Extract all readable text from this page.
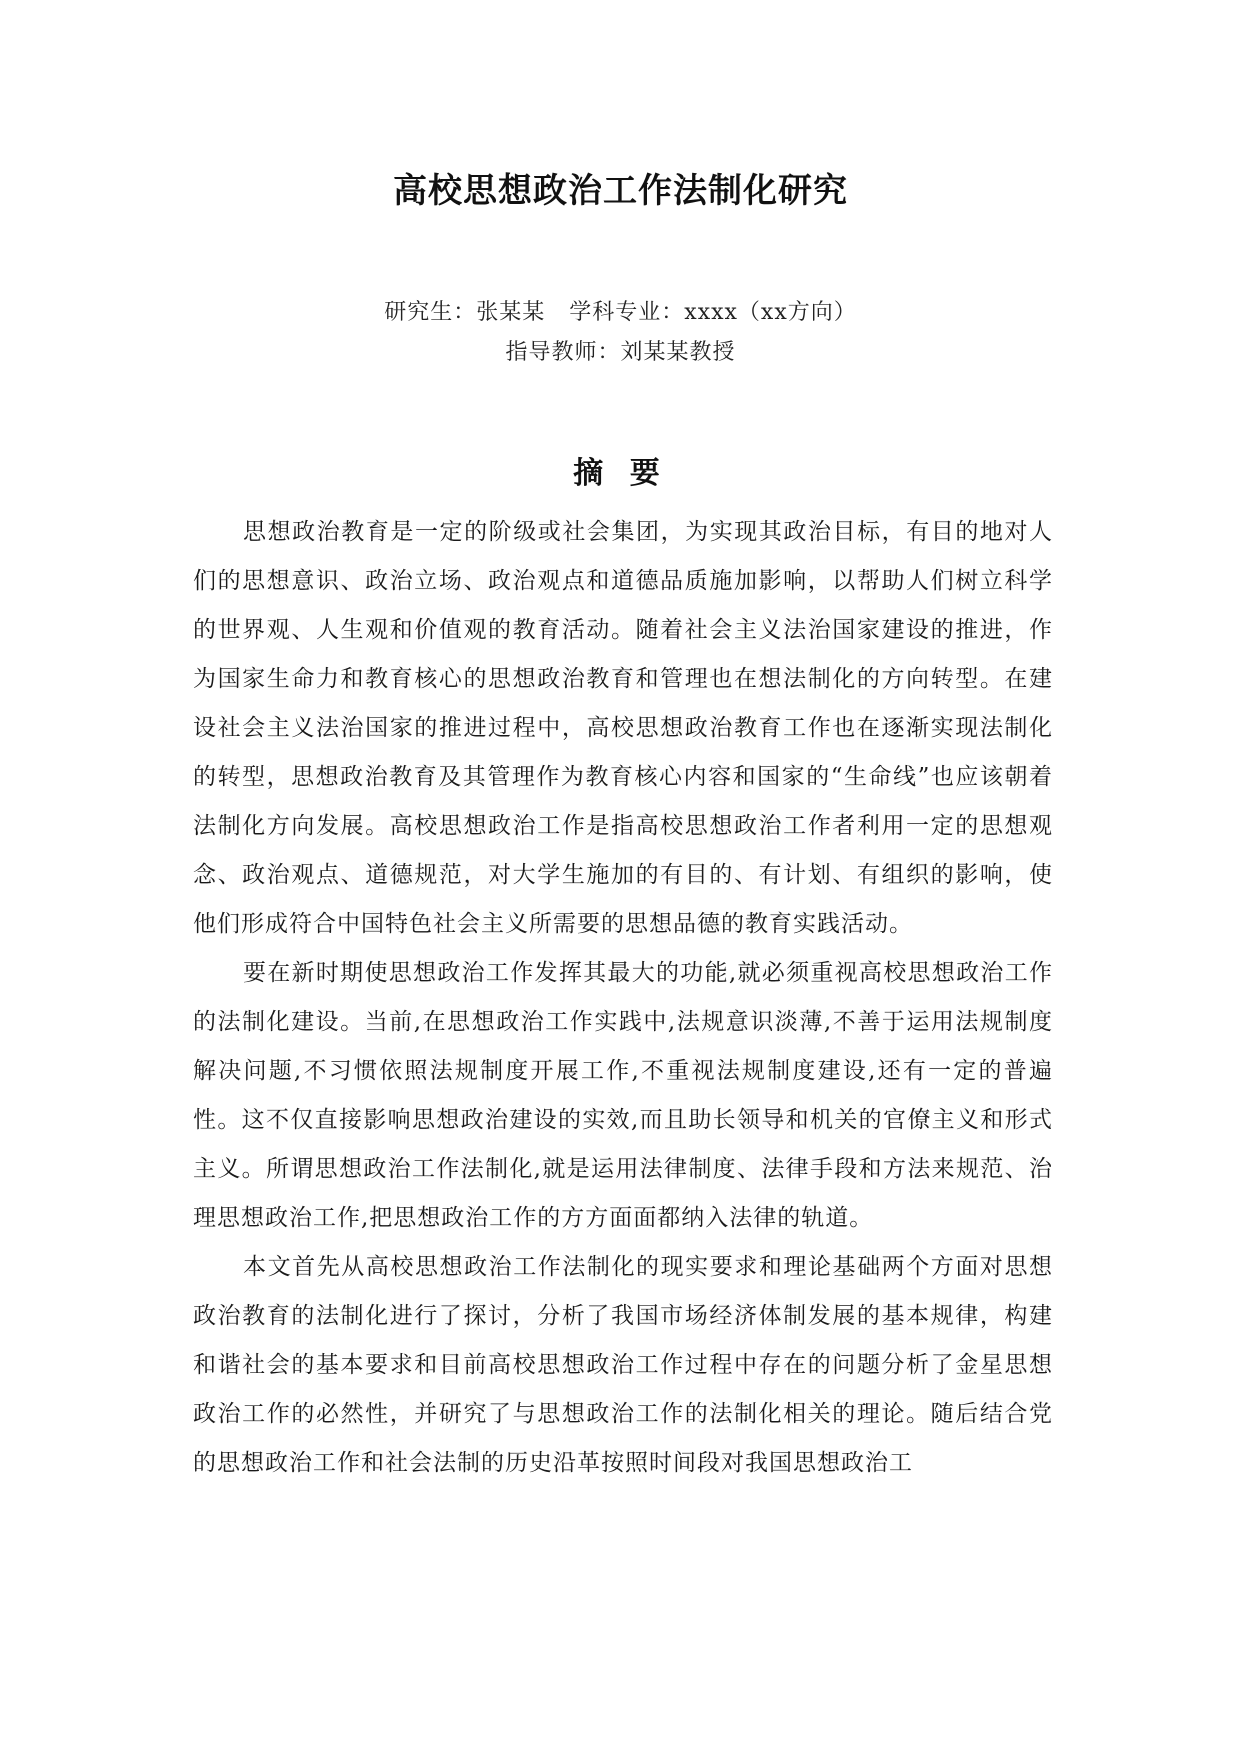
高校思想政治工作法制化研究
研究生：张某某 学科专业：xxxx（xx方向）
指导教师：刘某某教授
摘 要

思想政治教育是一定的阶级或社会集团，为实现其政治目标，有目的地对人们的思想意识、政治立场、政治观点和道德品质施加影响，以帮助人们树立科学的世界观、人生观和价值观的教育活动。随着社会主义法治国家建设的推进，作为国家生命力和教育核心的思想政治教育和管理也在想法制化的方向转型。在建设社会主义法治国家的推进过程中，高校思想政治教育工作也在逐渐实现法制化的转型，思想政治教育及其管理作为教育核心内容和国家的“生命线”也应该朝着法制化方向发展。高校思想政治工作是指高校思想政治工作者利用一定的思想观念、政治观点、道德规范，对大学生施加的有目的、有计划、有组织的影响，使他们形成符合中国特色社会主义所需要的思想品德的教育实践活动。

要在新时期使思想政治工作发挥其最大的功能,就必须重视高校思想政治工作的法制化建设。当前,在思想政治工作实践中,法规意识淡薄,不善于运用法规制度解决问题,不习惯依照法规制度开展工作,不重视法规制度建设,还有一定的普遍性。这不仅直接影响思想政治建设的实效,而且助长领导和机关的官僚主义和形式主义。所谓思想政治工作法制化,就是运用法律制度、法律手段和方法来规范、治理思想政治工作,把思想政治工作的方方面面都纳入法律的轨道。

本文首先从高校思想政治工作法制化的现实要求和理论基础两个方面对思想政治教育的法制化进行了探讨，分析了我国市场经济体制发展的基本规律，构建和谐社会的基本要求和目前高校思想政治工作过程中存在的问题分析了金星思想政治工作的必然性，并研究了与思想政治工作的法制化相关的理论。随后结合党的思想政治工作和社会法制的历史沿革按照时间段对我国思想政治工
